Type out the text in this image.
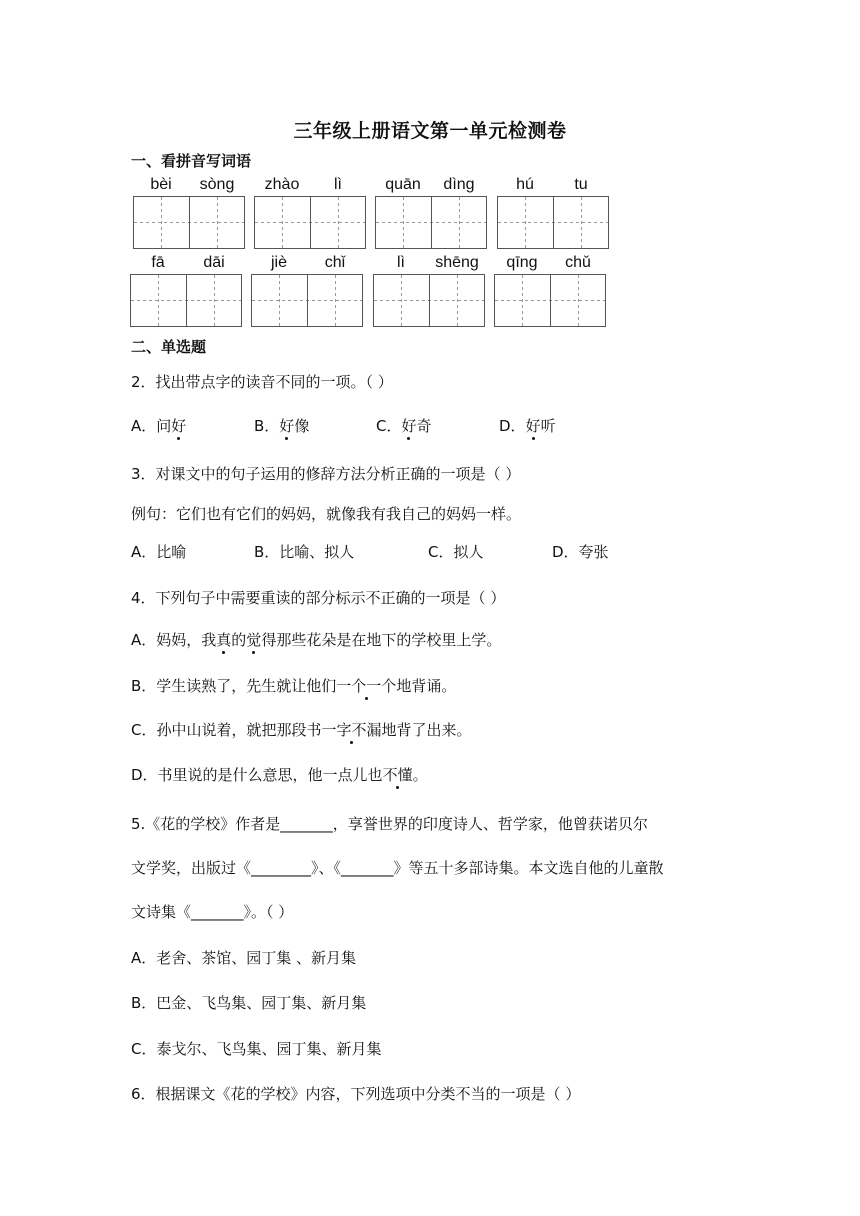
三年级上册语文第一单元检测卷
一、看拼音写词语
bèi	sòng	zhào	lì	quān	dìng	hú	tu
fā	dāi	jiè	chǐ	lì	shēng	qīng	chǔ
二、单选题
2．找出带点字的读音不同的一项。（ ）
A．问好	B．好像	C．好奇	D．好听
3．对课文中的句子运用的修辞方法分析正确的一项是（ ）
例句：它们也有它们的妈妈，就像我有我自己的妈妈一样。
A．比喻	B．比喻、拟人	C．拟人	D．夸张
4．下列句子中需要重读的部分标示不正确的一项是（ ）
A．妈妈，我真的觉得那些花朵是在地下的学校里上学。
B．学生读熟了，先生就让他们一个一个地背诵。
C．孙中山说着，就把那段书一字不漏地背了出来。
D．书里说的是什么意思，他一点儿也不懂。
5.《花的学校》作者是_______，享誉世界的印度诗人、哲学家，他曾获诺贝尔
文学奖，出版过《________》、《_______》等五十多部诗集。本文选自他的儿童散
文诗集《_______》。（ ）
A．老舍、茶馆、园丁集 、新月集
B．巴金、飞鸟集、园丁集、新月集
C．泰戈尔、飞鸟集、园丁集、新月集
6．根据课文《花的学校》内容，下列选项中分类不当的一项是（ ）
